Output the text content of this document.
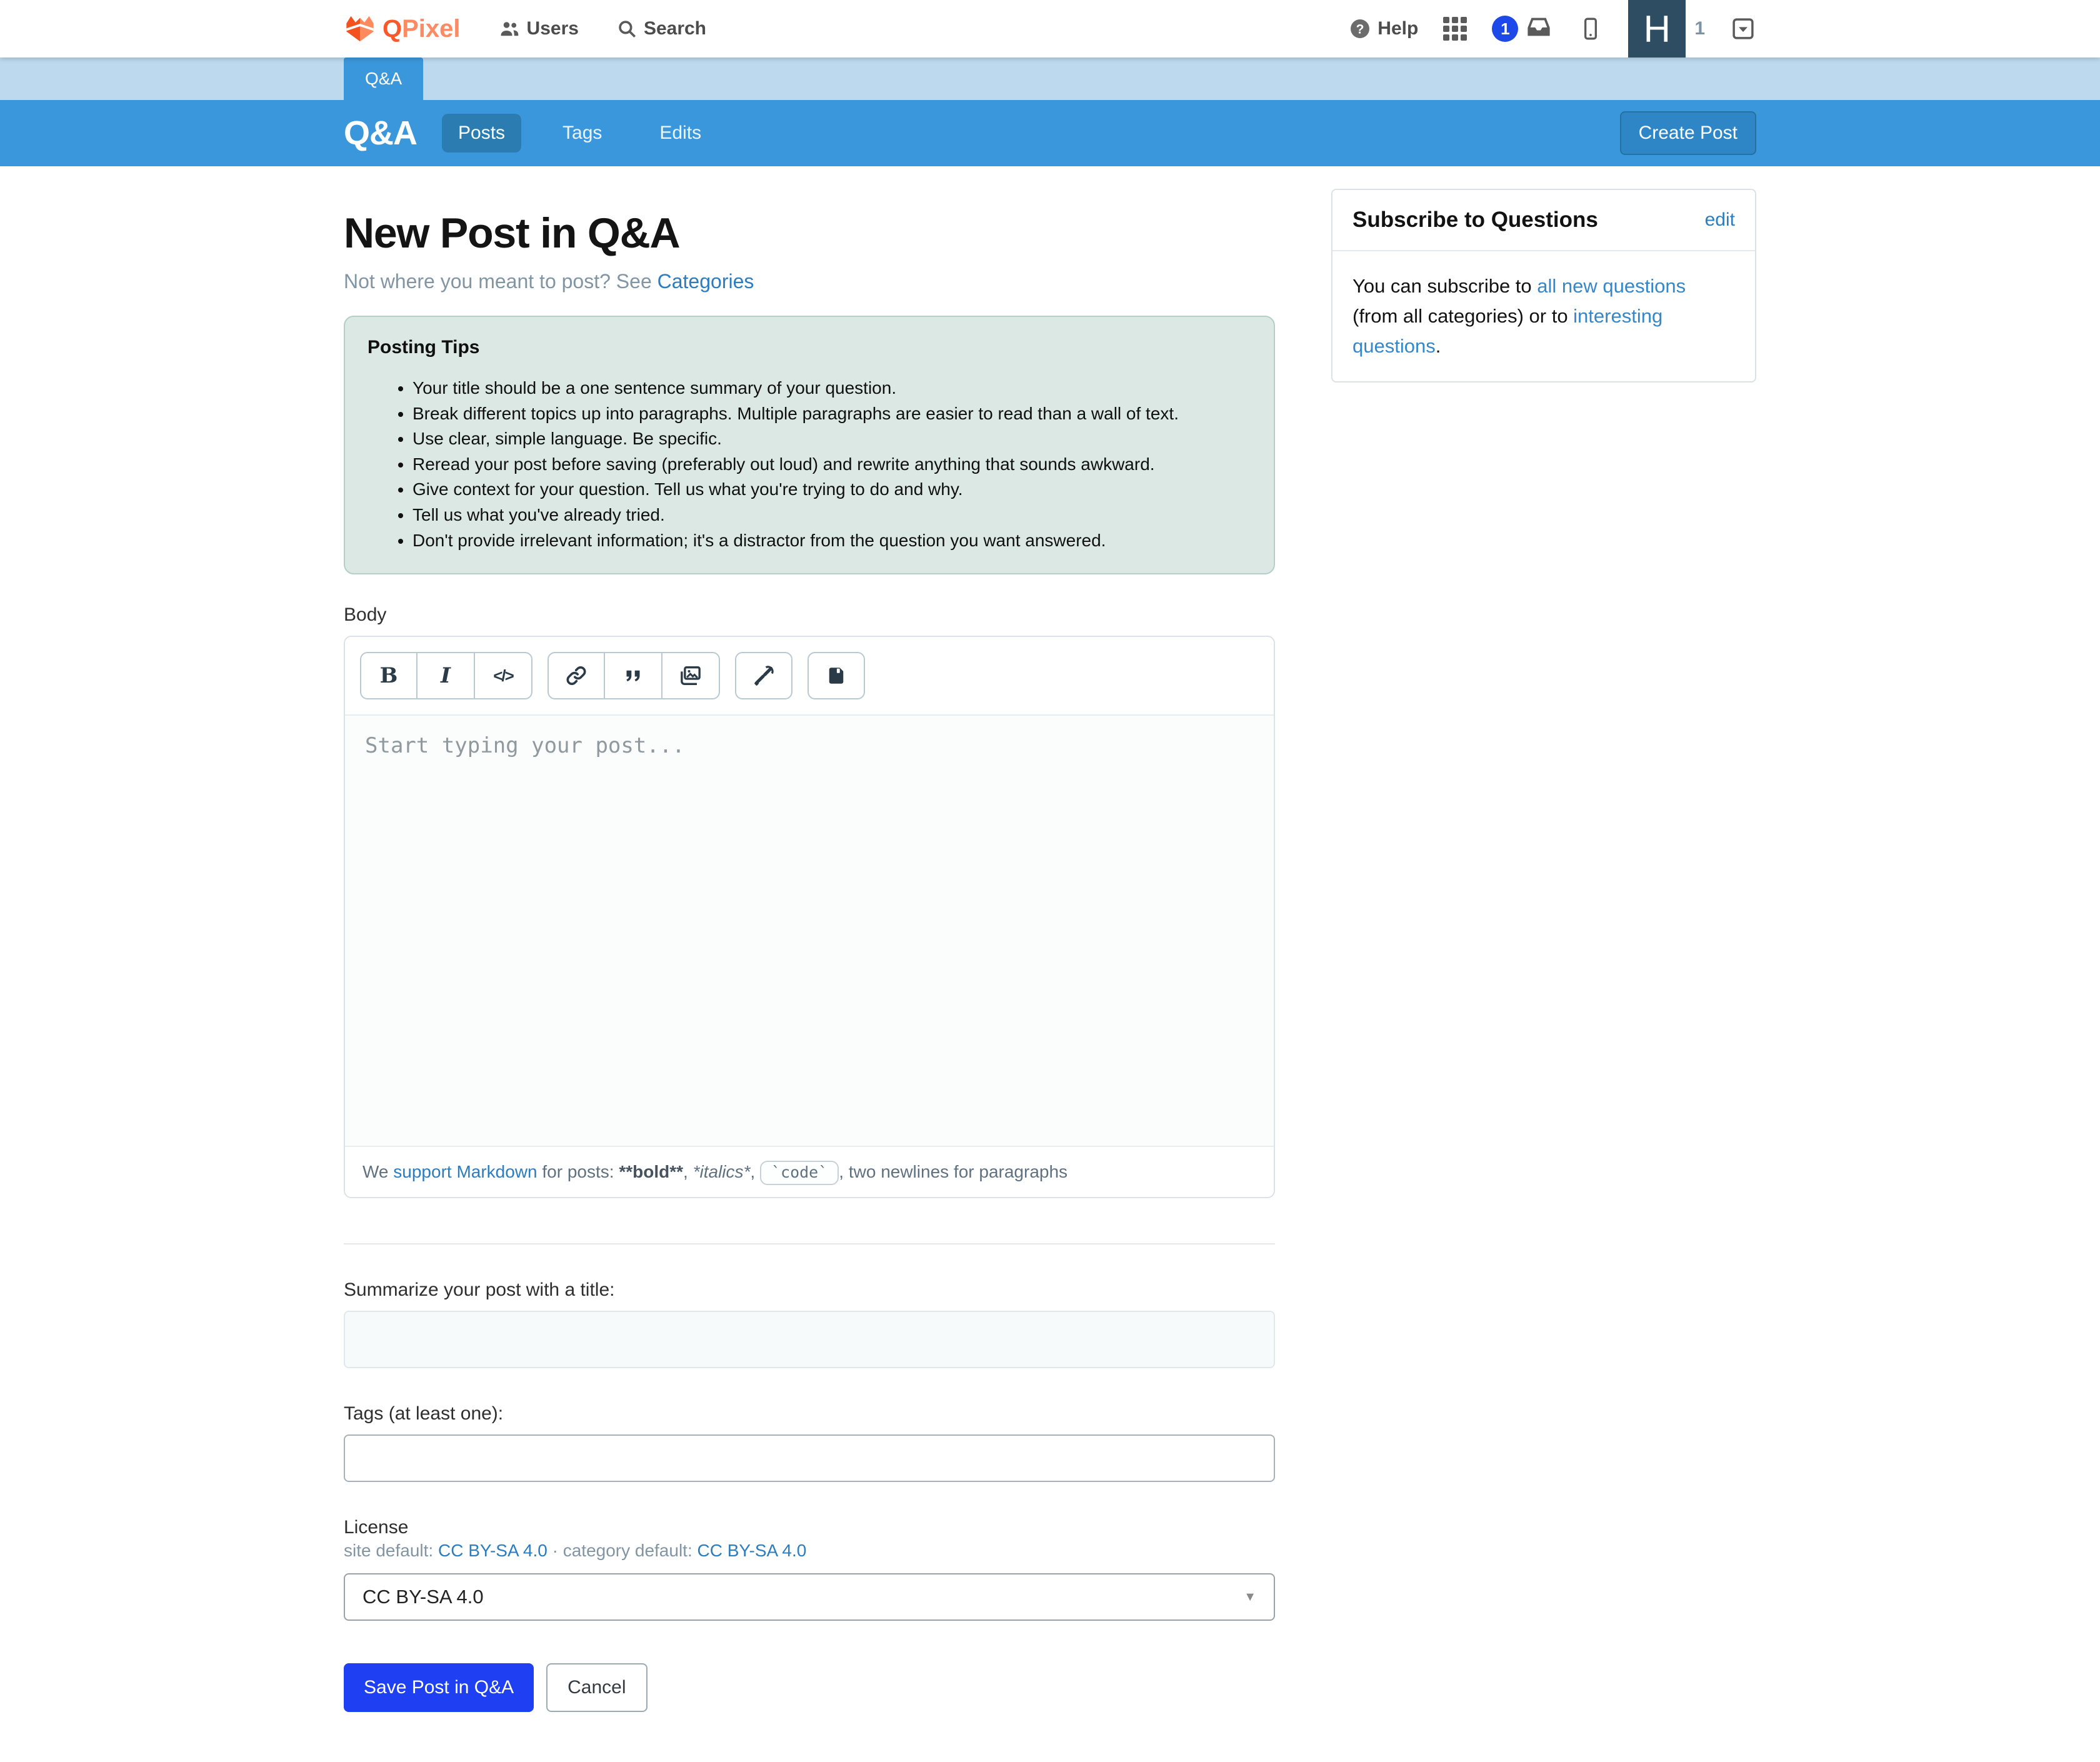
QPixel	Users	Search	? Help	1	H	1
Q&A
Q&A	Posts	Tags	Edits	Create Post
New Post in Q&A

Not where you meant to post? See Categories

Posting Tips

• Your title should be a one sentence summary of your question.
• Break different topics up into paragraphs. Multiple paragraphs are easier to read than a wall of text.
• Use clear, simple language. Be specific.
• Reread your post before saving (preferably out loud) and rewrite anything that sounds awkward.
• Give context for your question. Tell us what you're trying to do and why.
• Tell us what you've already tried.
• Don't provide irrelevant information; it's a distractor from the question you want answered.

Body

B	I	</>
Start typing your post...
We support Markdown for posts: **bold**, *italics*, `code` , two newlines for paragraphs

Summarize your post with a title:

Tags (at least one):

License

site default: CC BY-SA 4.0 · category default: CC BY-SA 4.0

CC BY-SA 4.0	▼
Save Post in Q&A	Cancel
Subscribe to Questions	edit
You can subscribe to all new questions (from all categories) or to interesting questions.
